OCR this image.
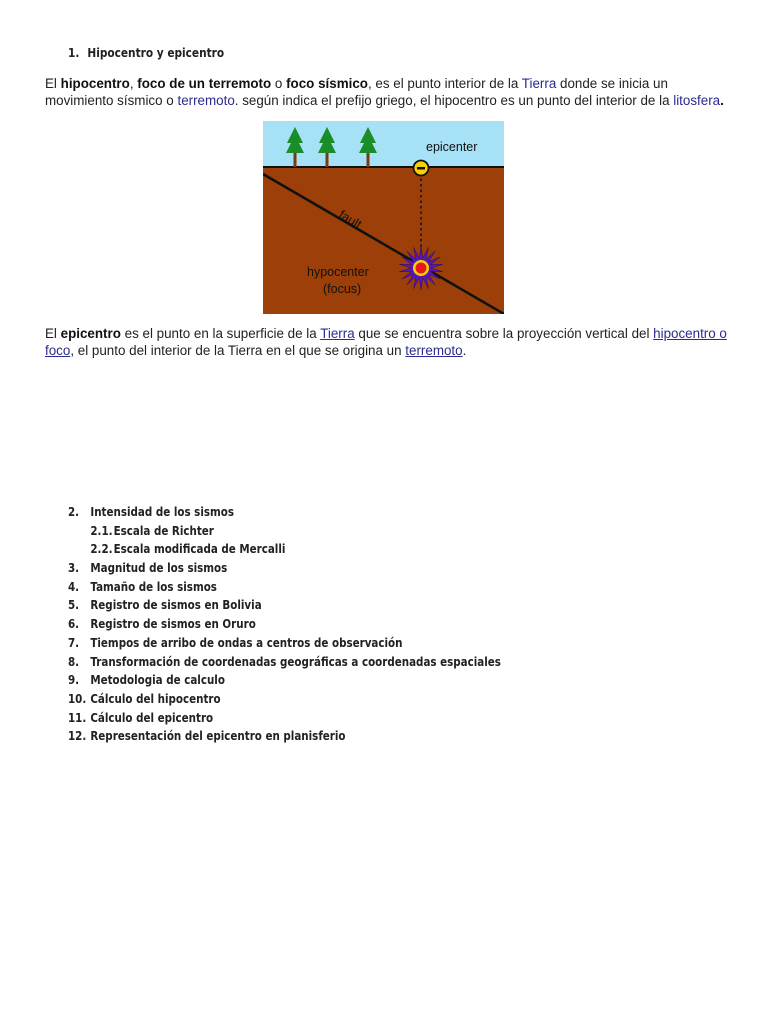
1. Hipocentro y epicentro
El hipocentro, foco de un terremoto o foco sísmico, es el punto interior de la Tierra donde se inicia un movimiento sísmico o terremoto. según indica el prefijo griego, el hipocentro es un punto del interior de la litosfera.
epicenter
fault
hypocenter
(focus)
El epicentro es el punto en la superficie de la Tierra que se encuentra sobre la proyección vertical del hipocentro o foco, el punto del interior de la Tierra en el que se origina un terremoto.
2. Intensidad de los sismos
2.1.Escala de Richter
2.2.Escala modificada de Mercalli
3. Magnitud de los sismos
4. Tamaño de los sismos
5. Registro de sismos en Bolivia
6. Registro de sismos en Oruro
7. Tiempos de arribo de ondas a centros de observación
8. Transformación de coordenadas geográficas a coordenadas espaciales
9. Metodologia de calculo
10. Cálculo del hipocentro
11. Cálculo del epicentro
12. Representación del epicentro en planisferio
